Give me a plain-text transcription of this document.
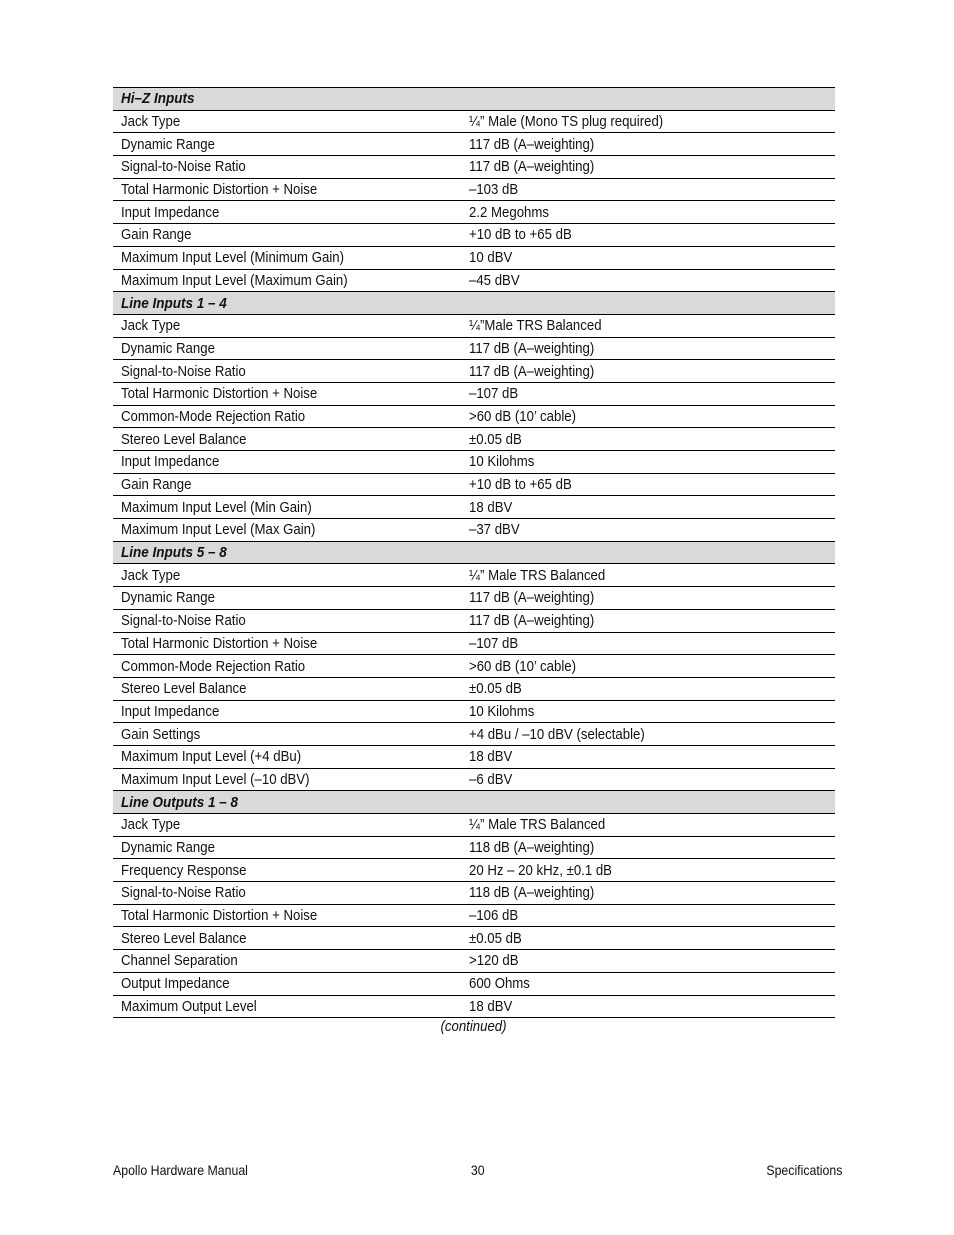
Hi–Z Inputs	
Jack Type	¼” Male (Mono TS plug required)
Dynamic Range	117 dB (A–weighting)
Signal-to-Noise Ratio	117 dB (A–weighting)
Total Harmonic Distortion + Noise	–103 dB
Input Impedance	2.2 Megohms
Gain Range	+10 dB to +65 dB
Maximum Input Level (Minimum Gain)	10 dBV
Maximum Input Level (Maximum Gain)	–45 dBV
Line Inputs 1 – 4	
Jack Type	¼”Male TRS Balanced
Dynamic Range	117 dB (A–weighting)
Signal-to-Noise Ratio	117 dB (A–weighting)
Total Harmonic Distortion + Noise	–107 dB
Common-Mode Rejection Ratio	>60 dB (10’ cable)
Stereo Level Balance	±0.05 dB
Input Impedance	10 Kilohms
Gain Range	+10 dB to +65 dB
Maximum Input Level (Min Gain)	18 dBV
Maximum Input Level (Max Gain)	–37 dBV
Line Inputs 5 – 8	
Jack Type	¼” Male TRS Balanced
Dynamic Range	117 dB (A–weighting)
Signal-to-Noise Ratio	117 dB (A–weighting)
Total Harmonic Distortion + Noise	–107 dB
Common-Mode Rejection Ratio	>60 dB (10’ cable)
Stereo Level Balance	±0.05 dB
Input Impedance	10 Kilohms
Gain Settings	+4 dBu / –10 dBV (selectable)
Maximum Input Level (+4 dBu)	18 dBV
Maximum Input Level (–10 dBV)	–6 dBV
Line Outputs 1 – 8	
Jack Type	¼” Male TRS Balanced
Dynamic Range	118 dB (A–weighting)
Frequency Response	20 Hz – 20 kHz, ±0.1 dB
Signal-to-Noise Ratio	118 dB (A–weighting)
Total Harmonic Distortion + Noise	–106 dB
Stereo Level Balance	±0.05 dB
Channel Separation	>120 dB
Output Impedance	600 Ohms
Maximum Output Level	18 dBV
(continued)
Apollo Hardware Manual	30	Specifications
